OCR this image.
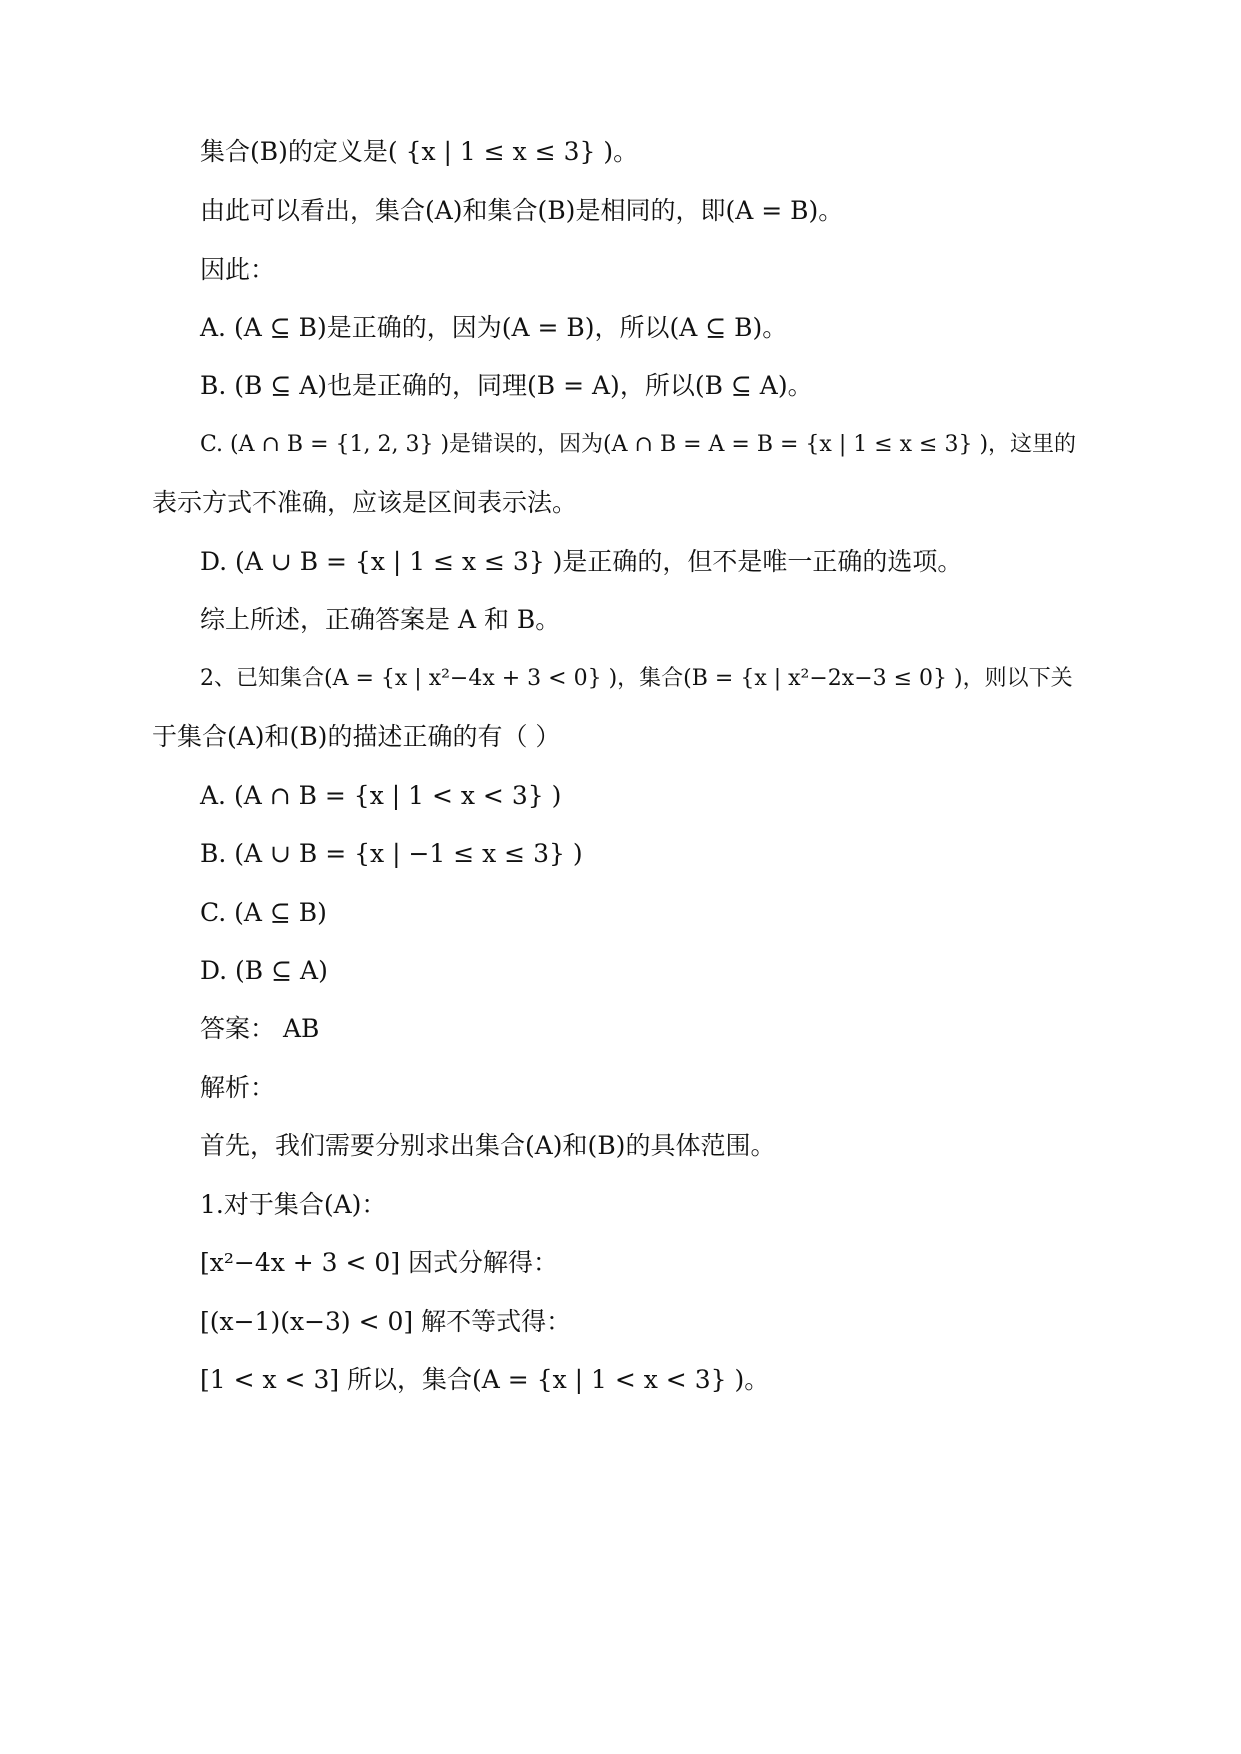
集合(B)的定义是( {x | 1 ≤ x ≤ 3} )。
由此可以看出，集合(A)和集合(B)是相同的，即(A = B)。
因此：
A. (A ⊆ B)是正确的，因为(A = B)，所以(A ⊆ B)。
B. (B ⊆ A)也是正确的，同理(B = A)，所以(B ⊆ A)。
C. (A ∩ B = {1, 2, 3} )是错误的，因为(A ∩ B = A = B = {x | 1 ≤ x ≤ 3} )，这里的
表示方式不准确，应该是区间表示法。
D. (A ∪ B = {x | 1 ≤ x ≤ 3} )是正确的，但不是唯一正确的选项。
综上所述，正确答案是 A 和 B。
2、已知集合(A = {x | x²−4x + 3 < 0} )，集合(B = {x | x²−2x−3 ≤ 0} )，则以下关
于集合(A)和(B)的描述正确的有（ ）
A. (A ∩ B = {x | 1 < x < 3} )
B. (A ∪ B = {x | −1 ≤ x ≤ 3} )
C. (A ⊆ B)
D. (B ⊆ A)
答案： AB
解析：
首先，我们需要分别求出集合(A)和(B)的具体范围。
1.对于集合(A)：
[x²−4x + 3 < 0] 因式分解得：
[(x−1)(x−3) < 0] 解不等式得：
[1 < x < 3] 所以，集合(A = {x | 1 < x < 3} )。
